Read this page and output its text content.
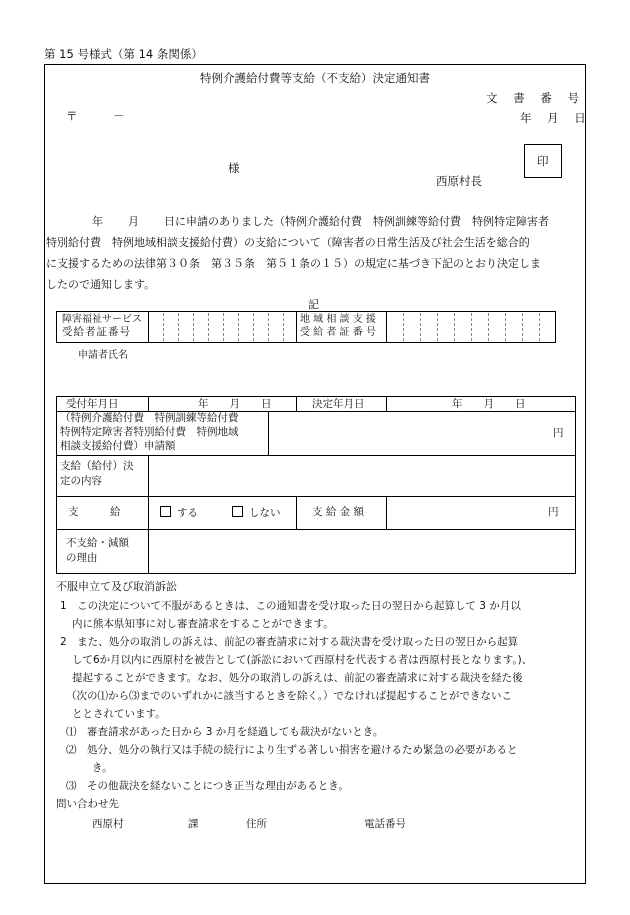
第 15 号様式（第 14 条関係）
特例介護給付費等支給（不支給）決定通知書
文 書 番 号
年 月 日
〒	－
様
西原村長
印
年 月 日に申請のありました（特例介護給付費　特例訓練等給付費　特例特定障害者
特別給付費　特例地域相談支援給付費）の支給について（障害者の日常生活及び社会生活を総合的
に支援するための法律第３０条　第３５条　第５１条の１５）の規定に基づき下記のとおり決定しま
したので通知します。
記
障害福祉サービス
受給者証番号
地 域 相 談 支 援
受 給 者 証 番 号
申請者氏名
受付年月日	年　　月　　日	決定年月日	年　　月　　日
（特例介護給付費　特例訓練等給付費
特例特定障害者特別給付費　特例地域
相談支援給付費）申請額
円
支給（給付）決
定の内容
支　　　給	する	しない	支 給 金 額	円
不支給・減額
の理由
不服申立て及び取消訴訟
1　この決定について不服があるときは、この通知書を受け取った日の翌日から起算して 3 か月以
内に熊本県知事に対し審査請求をすることができます。
2　また、処分の取消しの訴えは、前記の審査請求に対する裁決書を受け取った日の翌日から起算
して6か月以内に西原村を被告として(訴訟において西原村を代表する者は西原村長となります。)、
提起することができます。なお、処分の取消しの訴えは、前記の審査請求に対する裁決を経た後
（次の⑴から⑶までのいずれかに該当するときを除く。）でなければ提起することができないこ
ととされています。
⑴　審査請求があった日から 3 か月を経過しても裁決がないとき。
⑵　処分、処分の執行又は手続の続行により生ずる著しい損害を避けるため緊急の必要があると
き。
⑶　その他裁決を経ないことにつき正当な理由があるとき。
問い合わせ先
西原村	課	住所	電話番号
